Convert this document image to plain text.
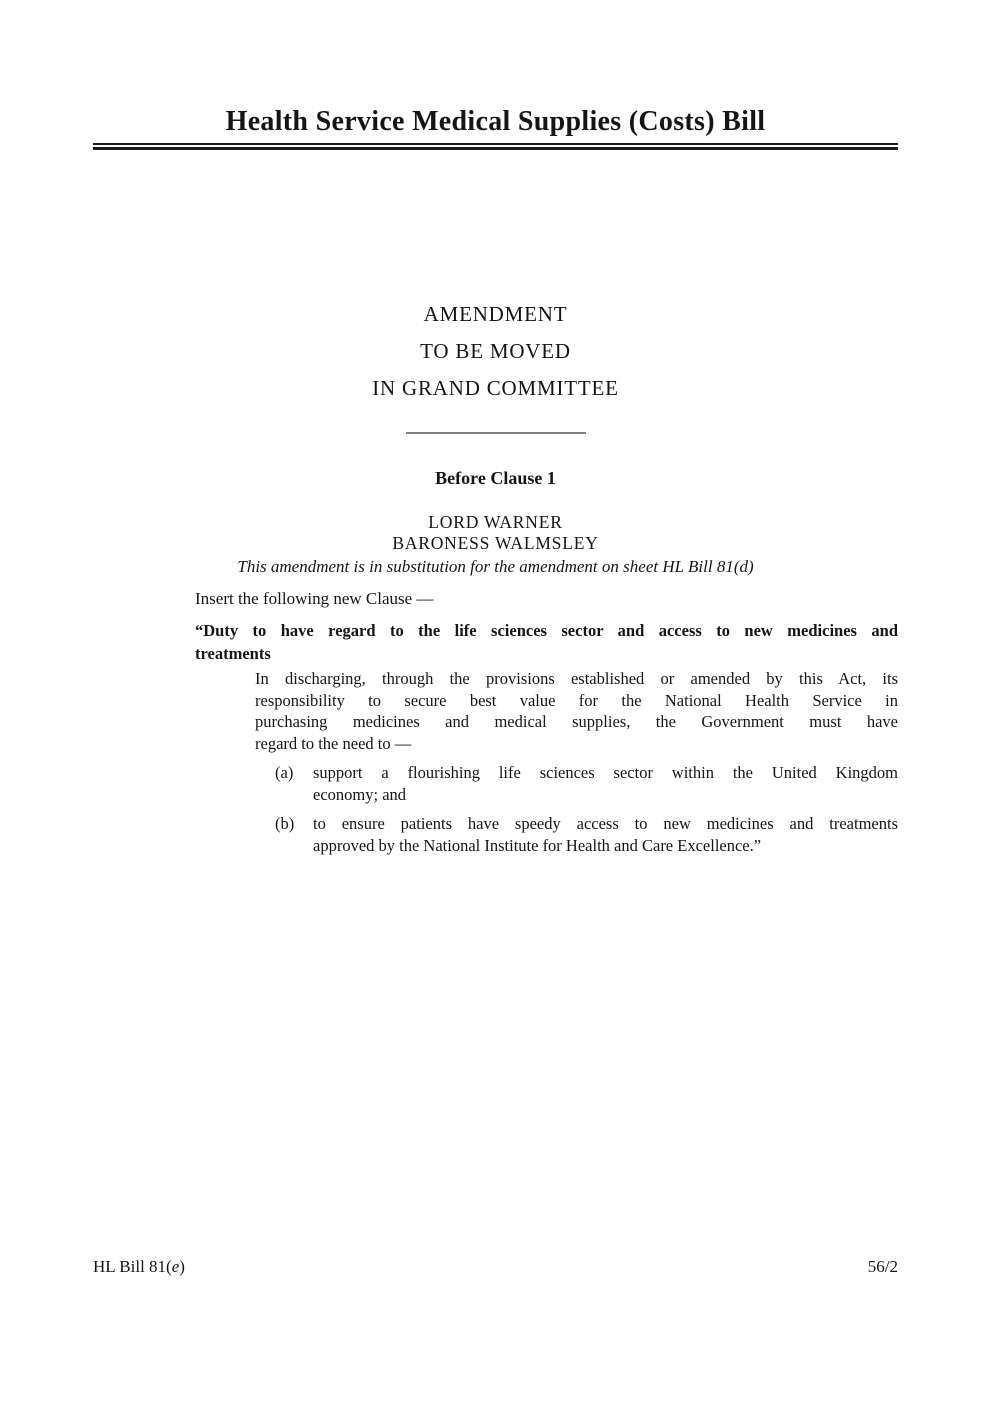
Health Service Medical Supplies (Costs) Bill
AMENDMENT
TO BE MOVED
IN GRAND COMMITTEE
Before Clause 1
LORD WARNER
BARONESS WALMSLEY
This amendment is in substitution for the amendment on sheet HL Bill 81(d)
Insert the following new Clause —
“Duty to have regard to the life sciences sector and access to new medicines and
treatments
In discharging, through the provisions established or amended by this Act, its
responsibility to secure best value for the National Health Service in
purchasing medicines and medical supplies, the Government must have
regard to the need to —
(a)	support a flourishing life sciences sector within the United Kingdom
economy; and
(b)	to ensure patients have speedy access to new medicines and treatments
approved by the National Institute for Health and Care Excellence.”
HL Bill 81(e)	56/2
